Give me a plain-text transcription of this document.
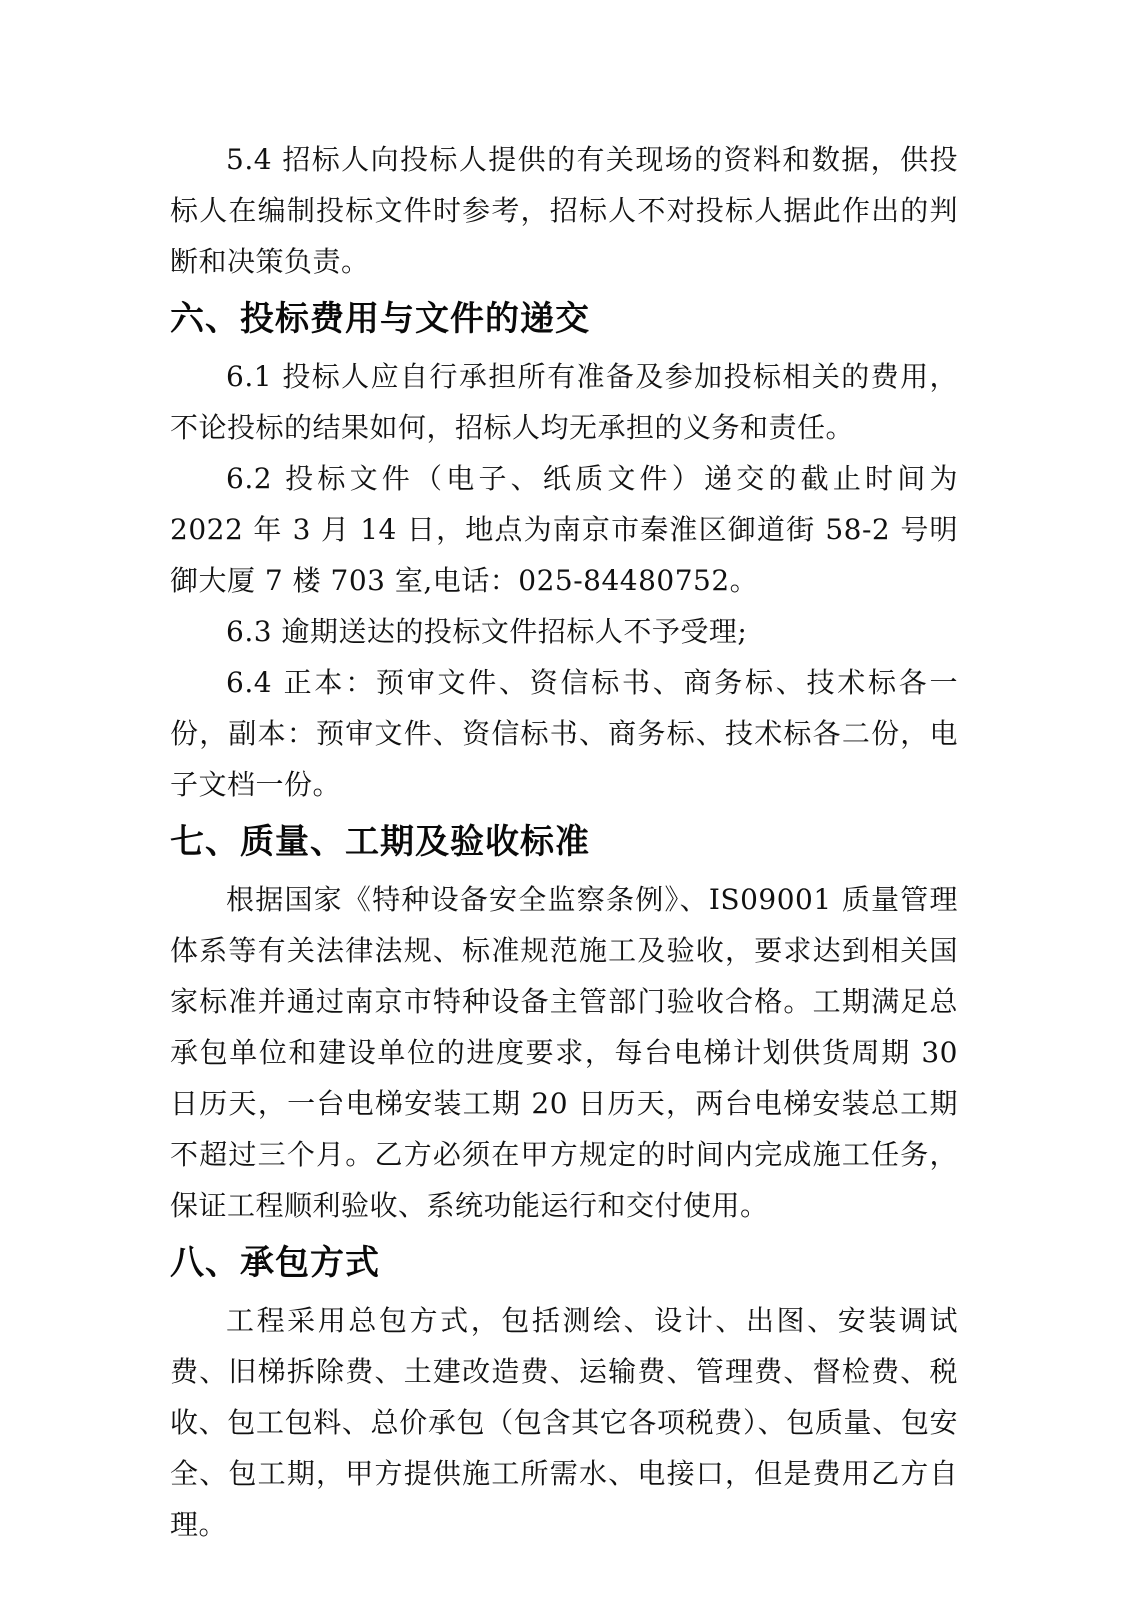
5.4 招标人向投标人提供的有关现场的资料和数据，供投标人在编制投标文件时参考，招标人不对投标人据此作出的判断和决策负责。

六、投标费用与文件的递交

6.1 投标人应自行承担所有准备及参加投标相关的费用，不论投标的结果如何，招标人均无承担的义务和责任。

6.2 投标文件（电子、纸质文件）递交的截止时间为 2022 年 3 月 14 日，地点为南京市秦淮区御道街 58-2 号明御大厦 7 楼 703 室,电话：025-84480752。

6.3 逾期送达的投标文件招标人不予受理;

6.4 正本：预审文件、资信标书、商务标、技术标各一份，副本：预审文件、资信标书、商务标、技术标各二份，电子文档一份。

七、质量、工期及验收标准

根据国家《特种设备安全监察条例》、IS09001 质量管理体系等有关法律法规、标准规范施工及验收，要求达到相关国家标准并通过南京市特种设备主管部门验收合格。工期满足总承包单位和建设单位的进度要求，每台电梯计划供货周期 30 日历天，一台电梯安装工期 20 日历天，两台电梯安装总工期不超过三个月。乙方必须在甲方规定的时间内完成施工任务，保证工程顺利验收、系统功能运行和交付使用。

八、承包方式

工程采用总包方式，包括测绘、设计、出图、安装调试费、旧梯拆除费、土建改造费、运输费、管理费、督检费、税收、包工包料、总价承包（包含其它各项税费）、包质量、包安全、包工期，甲方提供施工所需水、电接口，但是费用乙方自理。
